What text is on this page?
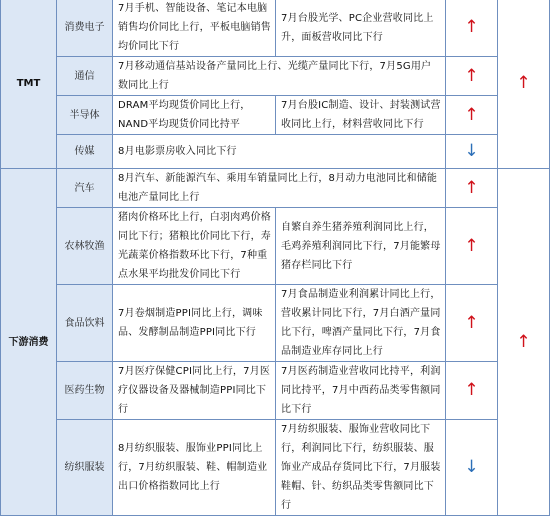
TMT	消费电子	7月手机、智能设备、笔记本电脑销售均价同比上行，平板电脑销售均价同比下行	7月台股光学、PC企业营收同比上升，面板营收同比下行	↑	↑
	通信	7月移动通信基站设备产量同比上行、光缆产量同比下行，7月5G用户数同比上行		↑	
	半导体	DRAM平均现货价同比上行，NAND平均现货价同比持平	7月台股IC制造、设计、封装测试营收同比上行，材料营收同比下行	↑	
	传媒	8月电影票房收入同比下行		↓	
下游消费	汽车	8月汽车、新能源汽车、乘用车销量同比上行，8月动力电池同比和储能电池产量同比上行		↑	↑
	农林牧渔	猪肉价格环比上行，白羽肉鸡价格同比下行；猪粮比价同比下行，寿光蔬菜价格指数环比下行，7种重点水果平均批发价同比下行	自繁自养生猪养殖利润同比上行，毛鸡养殖利润同比下行，7月能繁母猪存栏同比下行	↑	
	食品饮料	7月卷烟制造PPI同比上行，调味品、发酵制品制造PPI同比下行	7月食品制造业利润累计同比上行，营收累计同比下行，7月白酒产量同比下行，啤酒产量同比下行，7月食品制造业库存同比上行	↑	
	医药生物	7月医疗保健CPI同比上行，7月医疗仪器设备及器械制造PPI同比下行	7月医药制造业营收同比持平，利润同比持平，7月中西药品类零售额同比下行	↑	
	纺织服装	8月纺织服装、服饰业PPI同比上行，7月纺织服装、鞋、帽制造业出口价格指数同比上行	7月纺织服装、服饰业营收同比下行，利润同比下行，纺织服装、服饰业产成品存货同比下行，7月服装鞋帽、针、纺织品类零售额同比下行	↓	
